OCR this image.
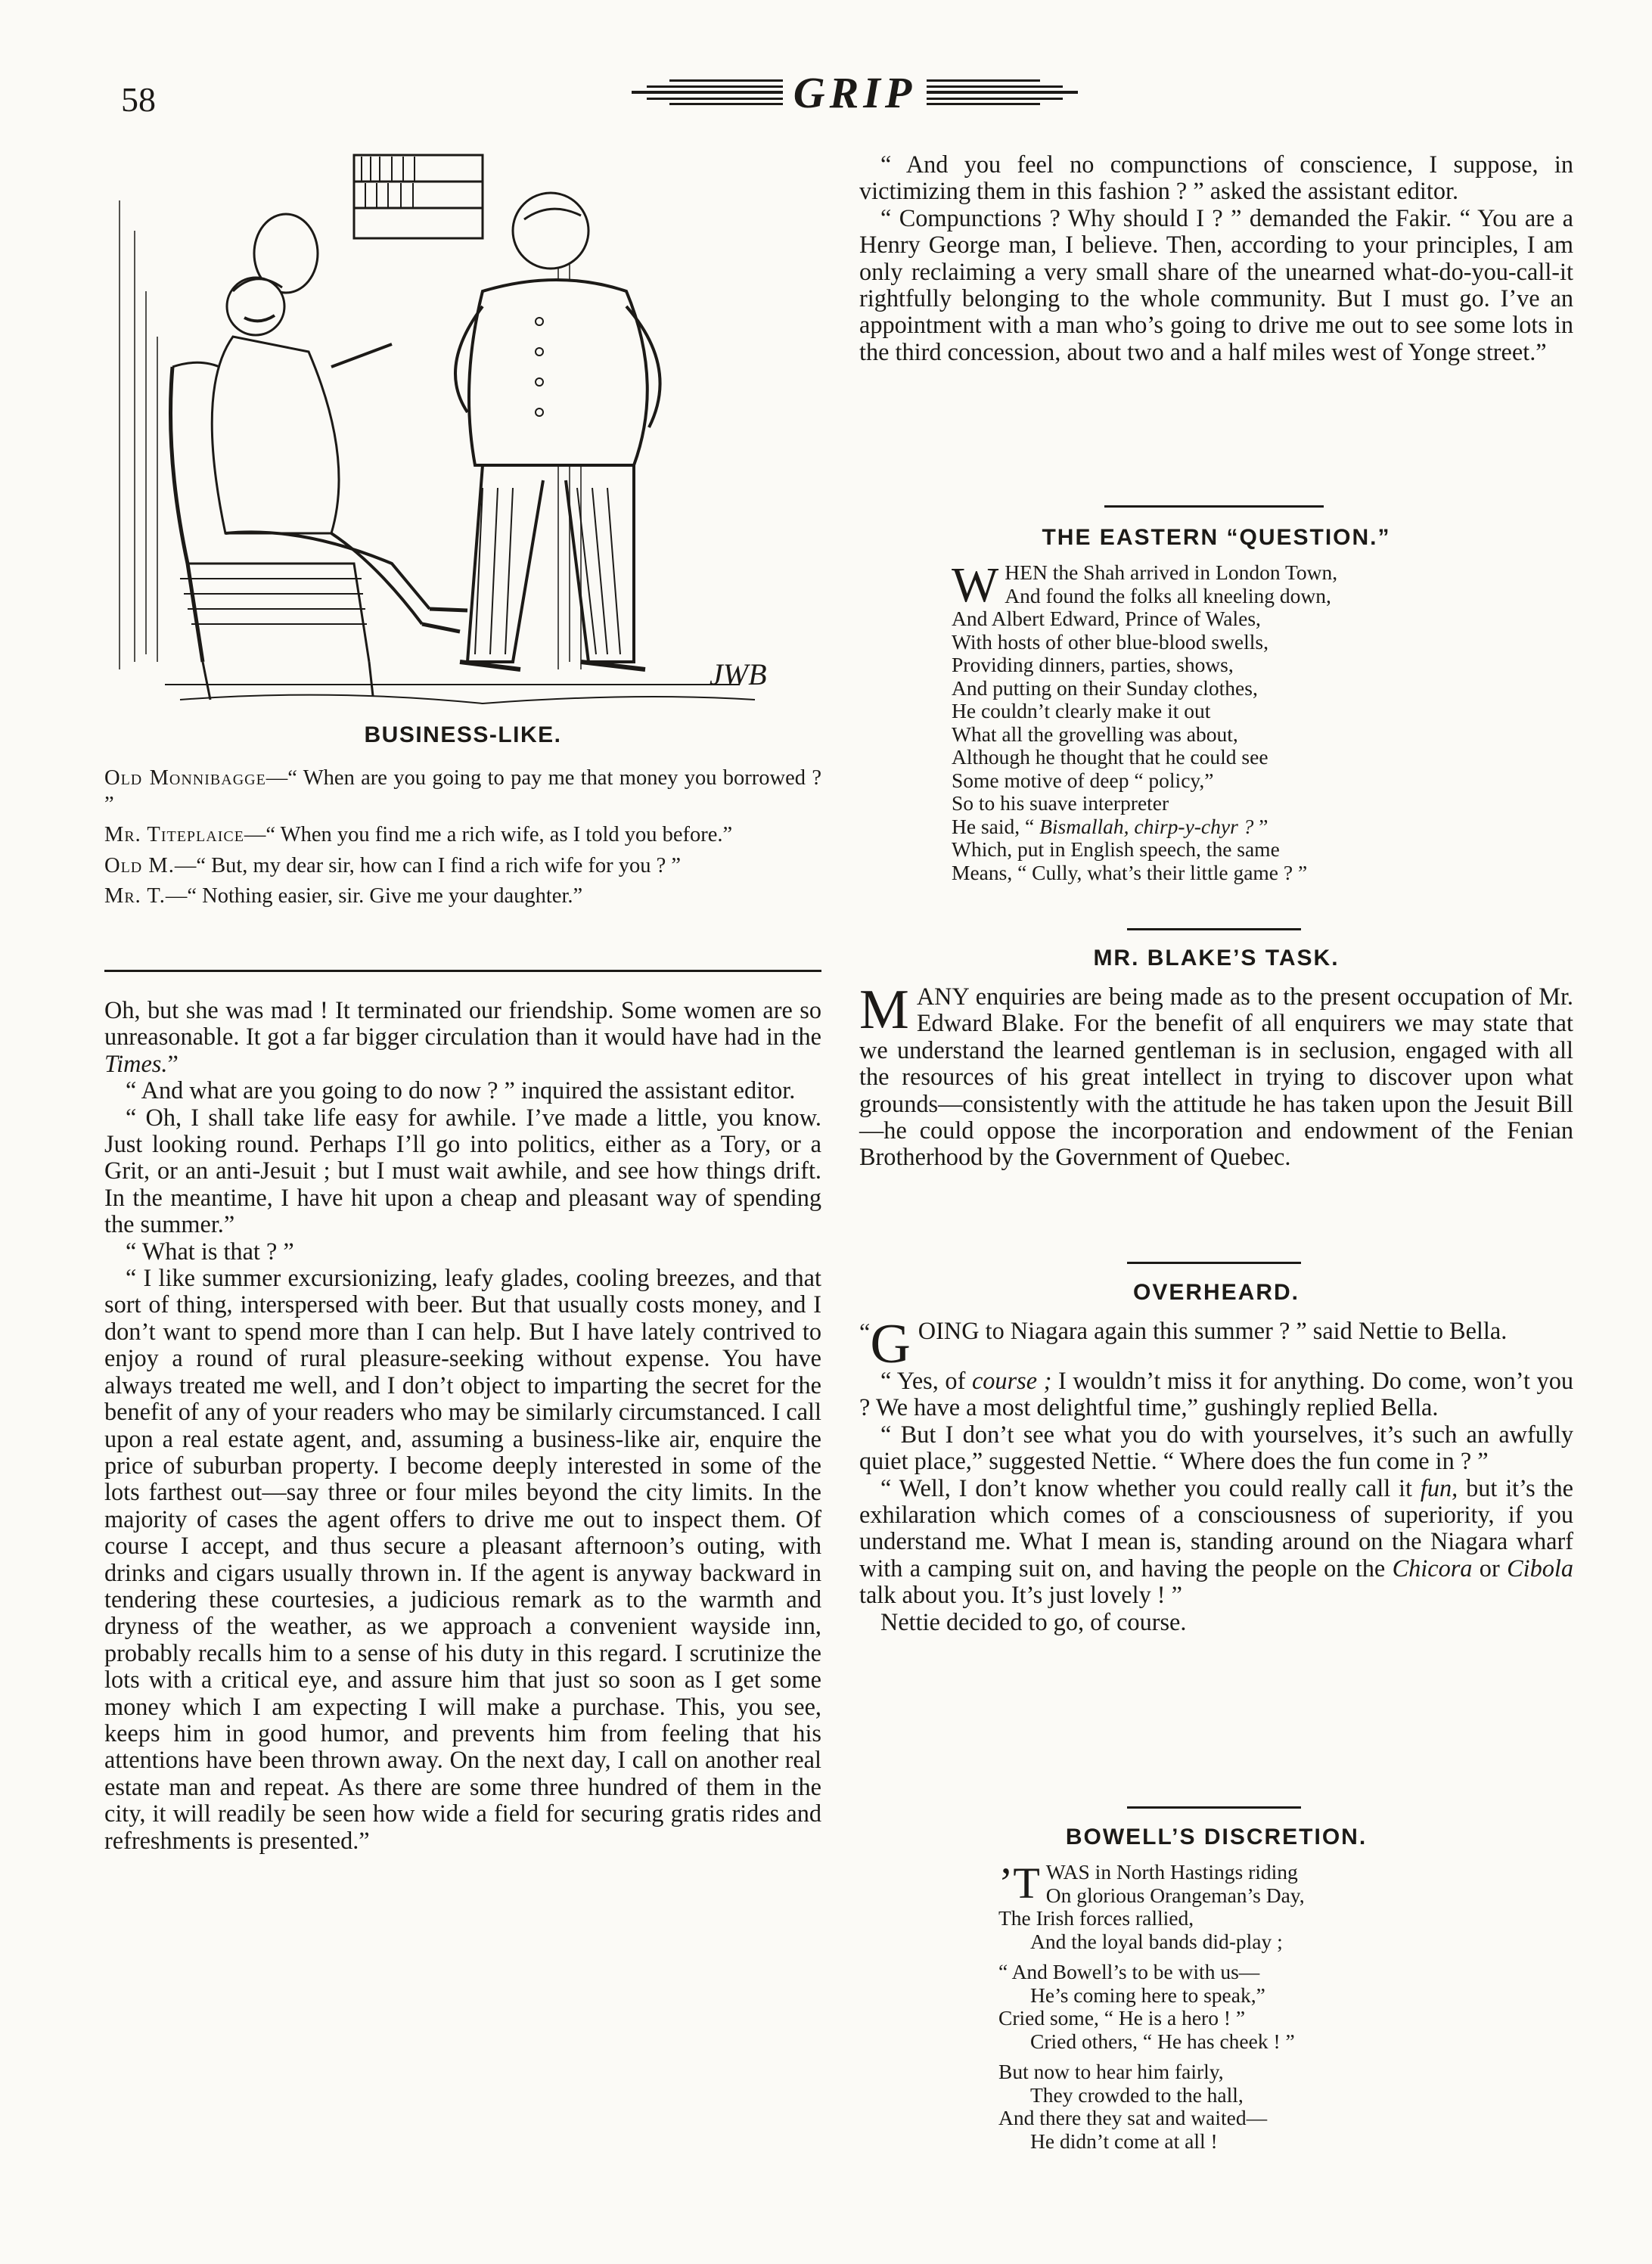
58	GRIP
JWB
BUSINESS-LIKE.

Old Monnibagge—“ When are you going to pay me that money you borrowed ? ”

Mr. Titeplaice—“ When you find me a rich wife, as I told you before.”

Old M.—“ But, my dear sir, how can I find a rich wife for you ? ”

Mr. T.—“ Nothing easier, sir. Give me your daughter.”

Oh, but she was mad ! It terminated our friendship. Some women are so unreasonable. It got a far bigger circulation than it would have had in the Times.”

“ And what are you going to do now ? ” inquired the assistant editor.

“ Oh, I shall take life easy for awhile. I’ve made a little, you know. Just looking round. Perhaps I’ll go into politics, either as a Tory, or a Grit, or an anti-Jesuit ; but I must wait awhile, and see how things drift. In the meantime, I have hit upon a cheap and pleasant way of spending the summer.”

“ What is that ? ”

“ I like summer excursionizing, leafy glades, cooling breezes, and that sort of thing, interspersed with beer. But that usually costs money, and I don’t want to spend more than I can help. But I have lately contrived to enjoy a round of rural pleasure-seeking without expense. You have always treated me well, and I don’t object to imparting the secret for the benefit of any of your readers who may be similarly circumstanced. I call upon a real estate agent, and, assuming a business-like air, enquire the price of suburban property. I become deeply interested in some of the lots farthest out—say three or four miles beyond the city limits. In the majority of cases the agent offers to drive me out to inspect them. Of course I accept, and thus secure a pleasant afternoon’s outing, with drinks and cigars usually thrown in. If the agent is anyway backward in tendering these courtesies, a judicious remark as to the warmth and dryness of the weather, as we approach a convenient wayside inn, probably recalls him to a sense of his duty in this regard. I scrutinize the lots with a critical eye, and assure him that just so soon as I get some money which I am expecting I will make a purchase. This, you see, keeps him in good humor, and prevents him from feeling that his attentions have been thrown away. On the next day, I call on another real estate man and repeat. As there are some three hundred of them in the city, it will readily be seen how wide a field for securing gratis rides and refreshments is presented.”

“ And you feel no compunctions of conscience, I suppose, in victimizing them in this fashion ? ” asked the assistant editor.

“ Compunctions ? Why should I ? ” demanded the Fakir. “ You are a Henry George man, I believe. Then, according to your principles, I am only reclaiming a very small share of the unearned what-do-you-call-it rightfully belonging to the whole community. But I must go. I’ve an appointment with a man who’s going to drive me out to see some lots in the third concession, about two and a half miles west of Yonge street.”

THE EASTERN “QUESTION.”
W HEN the Shah arrived in London Town,
And found the folks all kneeling down,
And Albert Edward, Prince of Wales,
With hosts of other blue-blood swells,
Providing dinners, parties, shows,
And putting on their Sunday clothes,
He couldn’t clearly make it out
What all the grovelling was about,
Although he thought that he could see
Some motive of deep “ policy,”
So to his suave interpreter
He said, “ Bismallah, chirp-y-chyr ? ”
Which, put in English speech, the same
Means, “ Cully, what’s their little game ? ”
MR. BLAKE’S TASK.

MANY enquiries are being made as to the present occupation of Mr. Edward Blake. For the benefit of all enquirers we may state that we understand the learned gentleman is in seclusion, engaged with all the resources of his great intellect in trying to discover upon what grounds—consistently with the attitude he has taken upon the Jesuit Bill—he could oppose the incorporation and endowment of the Fenian Brotherhood by the Government of Quebec.

OVERHEARD.

“ G OING to Niagara again this summer ? ” said Nettie to Bella.

“ Yes, of course ; I wouldn’t miss it for anything. Do come, won’t you ? We have a most delightful time,” gushingly replied Bella.

“ But I don’t see what you do with yourselves, it’s such an awfully quiet place,” suggested Nettie. “ Where does the fun come in ? ”

“ Well, I don’t know whether you could really call it fun, but it’s the exhilaration which comes of a consciousness of superiority, if you understand me. What I mean is, standing around on the Niagara wharf with a camping suit on, and having the people on the Chicora or Cibola talk about you. It’s just lovely ! ”

Nettie decided to go, of course.

BOWELL’S DISCRETION.
’T WAS in North Hastings riding
On glorious Orangeman’s Day,
The Irish forces rallied,
And the loyal bands did-play ;
“ And Bowell’s to be with us—
He’s coming here to speak,”
Cried some, “ He is a hero ! ”
Cried others, “ He has cheek ! ”
But now to hear him fairly,
They crowded to the hall,
And there they sat and waited—
He didn’t come at all !
